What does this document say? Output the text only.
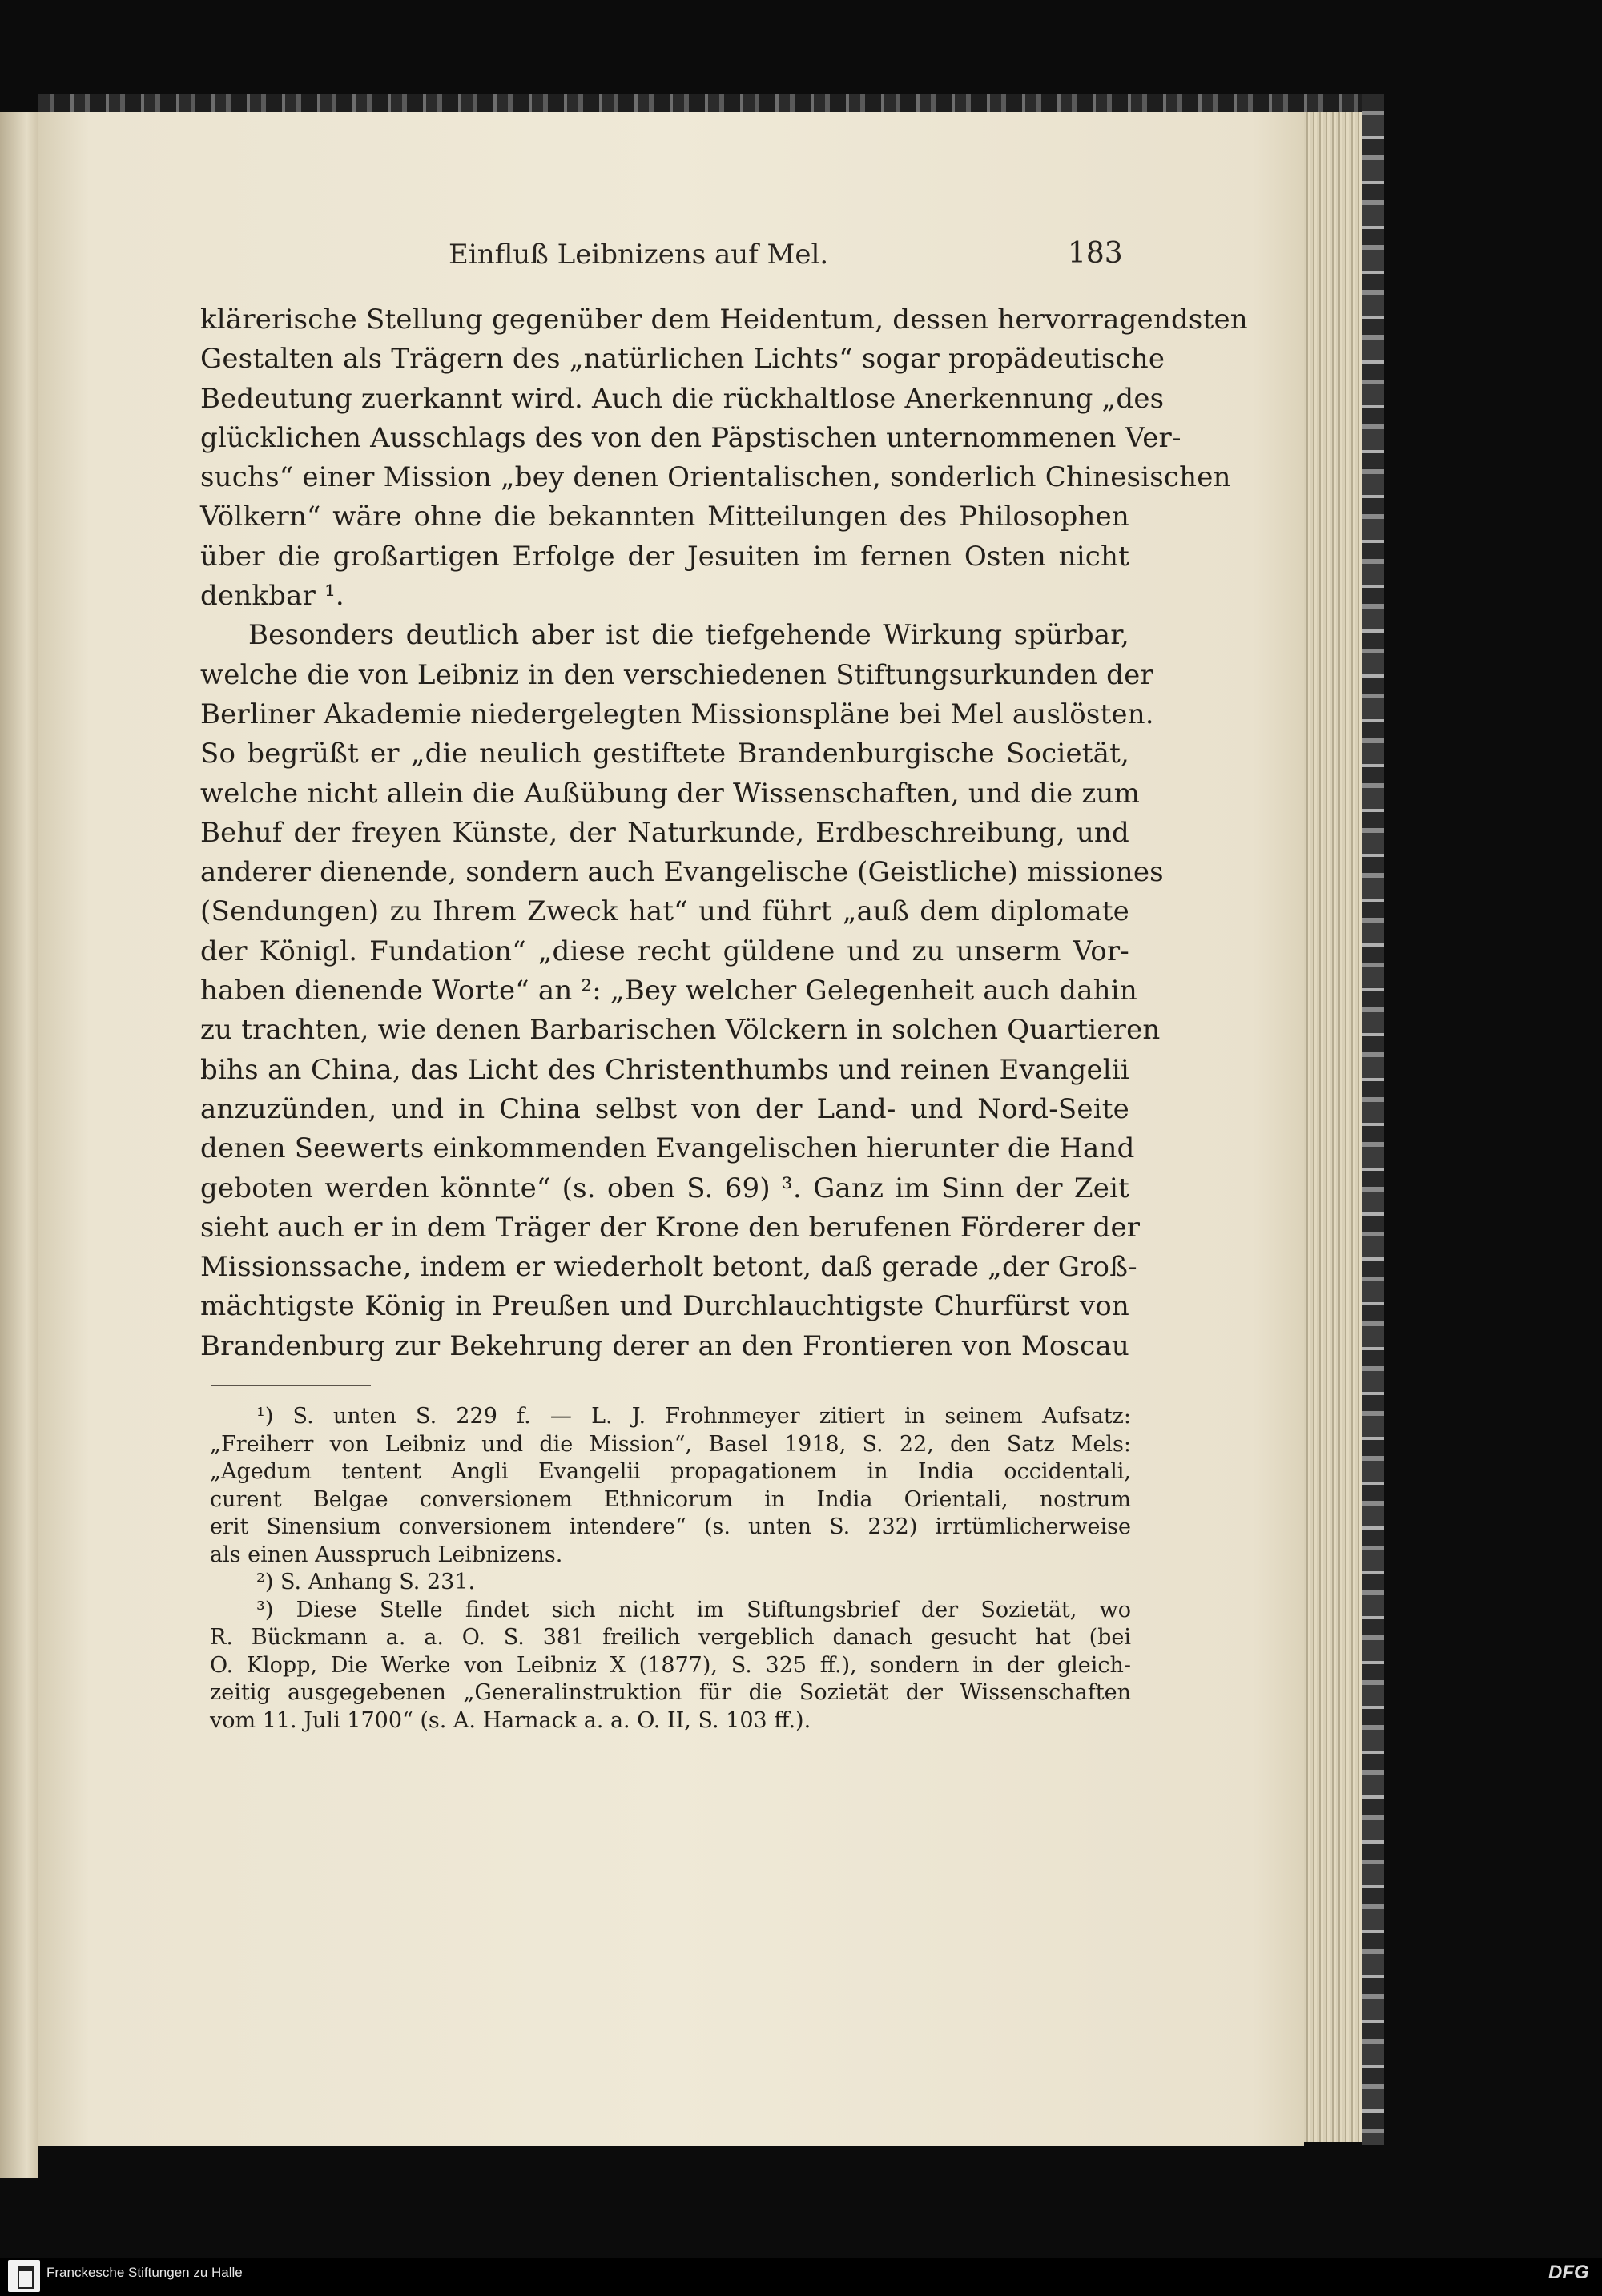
Einfluß Leibnizens auf Mel.	183
klärerische Stellung gegenüber dem Heidentum, dessen hervorragendsten
Gestalten als Trägern des „natürlichen Lichts“ sogar propädeutische
Bedeutung zuerkannt wird. Auch die rückhaltlose Anerkennung „des
glücklichen Ausschlags des von den Päpstischen unternommenen Ver-
suchs“ einer Mission „bey denen Orientalischen, sonderlich Chinesischen
Völkern“ wäre ohne die bekannten Mitteilungen des Philosophen
über die großartigen Erfolge der Jesuiten im fernen Osten nicht
denkbar ¹.
Besonders deutlich aber ist die tiefgehende Wirkung spürbar,
welche die von Leibniz in den verschiedenen Stiftungsurkunden der
Berliner Akademie niedergelegten Missionspläne bei Mel auslösten.
So begrüßt er „die neulich gestiftete Brandenburgische Societät,
welche nicht allein die Außübung der Wissenschaften, und die zum
Behuf der freyen Künste, der Naturkunde, Erdbeschreibung, und
anderer dienende, sondern auch Evangelische (Geistliche) missiones
(Sendungen) zu Ihrem Zweck hat“ und führt „auß dem diplomate
der Königl. Fundation“ „diese recht güldene und zu unserm Vor-
haben dienende Worte“ an ²: „Bey welcher Gelegenheit auch dahin
zu trachten, wie denen Barbarischen Völckern in solchen Quartieren
bihs an China, das Licht des Christenthumbs und reinen Evangelii
anzuzünden, und in China selbst von der Land- und Nord-Seite
denen Seewerts einkommenden Evangelischen hierunter die Hand
geboten werden könnte“ (s. oben S. 69) ³. Ganz im Sinn der Zeit
sieht auch er in dem Träger der Krone den berufenen Förderer der
Missionssache, indem er wiederholt betont, daß gerade „der Groß-
mächtigste König in Preußen und Durchlauchtigste Churfürst von
Brandenburg zur Bekehrung derer an den Frontieren von Moscau
¹) S. unten S. 229 f. — L. J. Frohnmeyer zitiert in seinem Aufsatz:
„Freiherr von Leibniz und die Mission“, Basel 1918, S. 22, den Satz Mels:
„Agedum tentent Angli Evangelii propagationem in India occidentali,
curent Belgae conversionem Ethnicorum in India Orientali, nostrum
erit Sinensium conversionem intendere“ (s. unten S. 232) irrtümlicherweise
als einen Ausspruch Leibnizens.
²) S. Anhang S. 231.
³) Diese Stelle findet sich nicht im Stiftungsbrief der Sozietät, wo
R. Bückmann a. a. O. S. 381 freilich vergeblich danach gesucht hat (bei
O. Klopp, Die Werke von Leibniz X (1877), S. 325 ff.), sondern in der gleich-
zeitig ausgegebenen „Generalinstruktion für die Sozietät der Wissenschaften
vom 11. Juli 1700“ (s. A. Harnack a. a. O. II, S. 103 ff.).
Franckesche Stiftungen zu Halle	DFG
